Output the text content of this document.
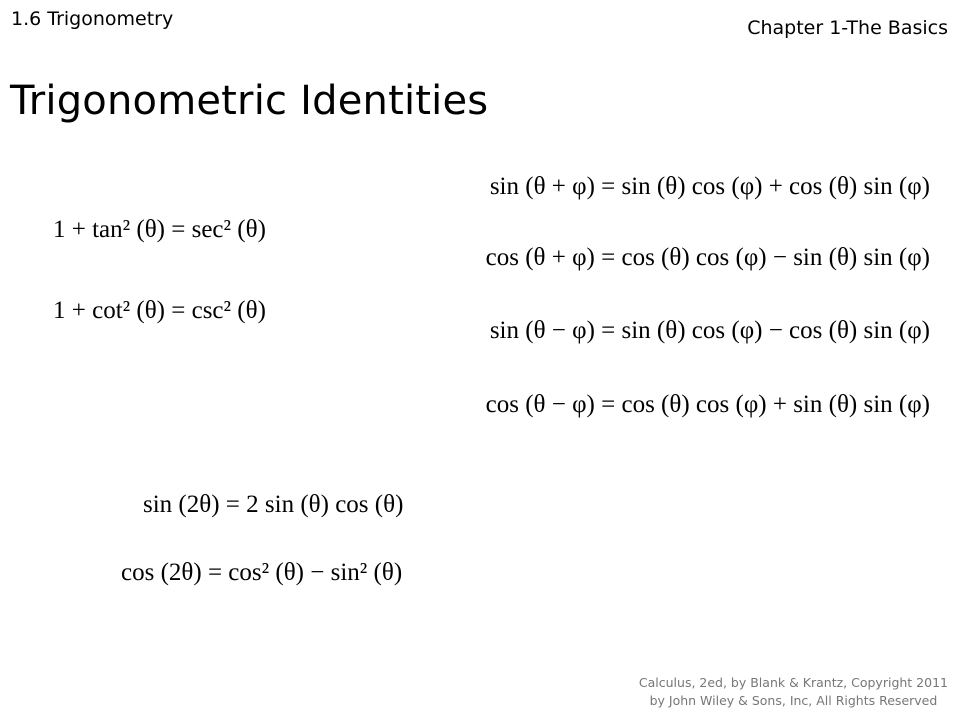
1.6 Trigonometry	Chapter 1-The Basics
Trigonometric Identities
1 + tan² (θ) = sec² (θ)
1 + cot² (θ) = csc² (θ)
sin (θ + φ) = sin (θ) cos (φ) + cos (θ) sin (φ)
cos (θ + φ) = cos (θ) cos (φ) − sin (θ) sin (φ)
sin (θ − φ) = sin (θ) cos (φ) − cos (θ) sin (φ)
cos (θ − φ) = cos (θ) cos (φ) + sin (θ) sin (φ)
sin (2θ) = 2 sin (θ) cos (θ)
cos (2θ) = cos² (θ) − sin² (θ)
Calculus, 2ed, by Blank & Krantz, Copyright 2011
by John Wiley & Sons, Inc, All Rights Reserved
